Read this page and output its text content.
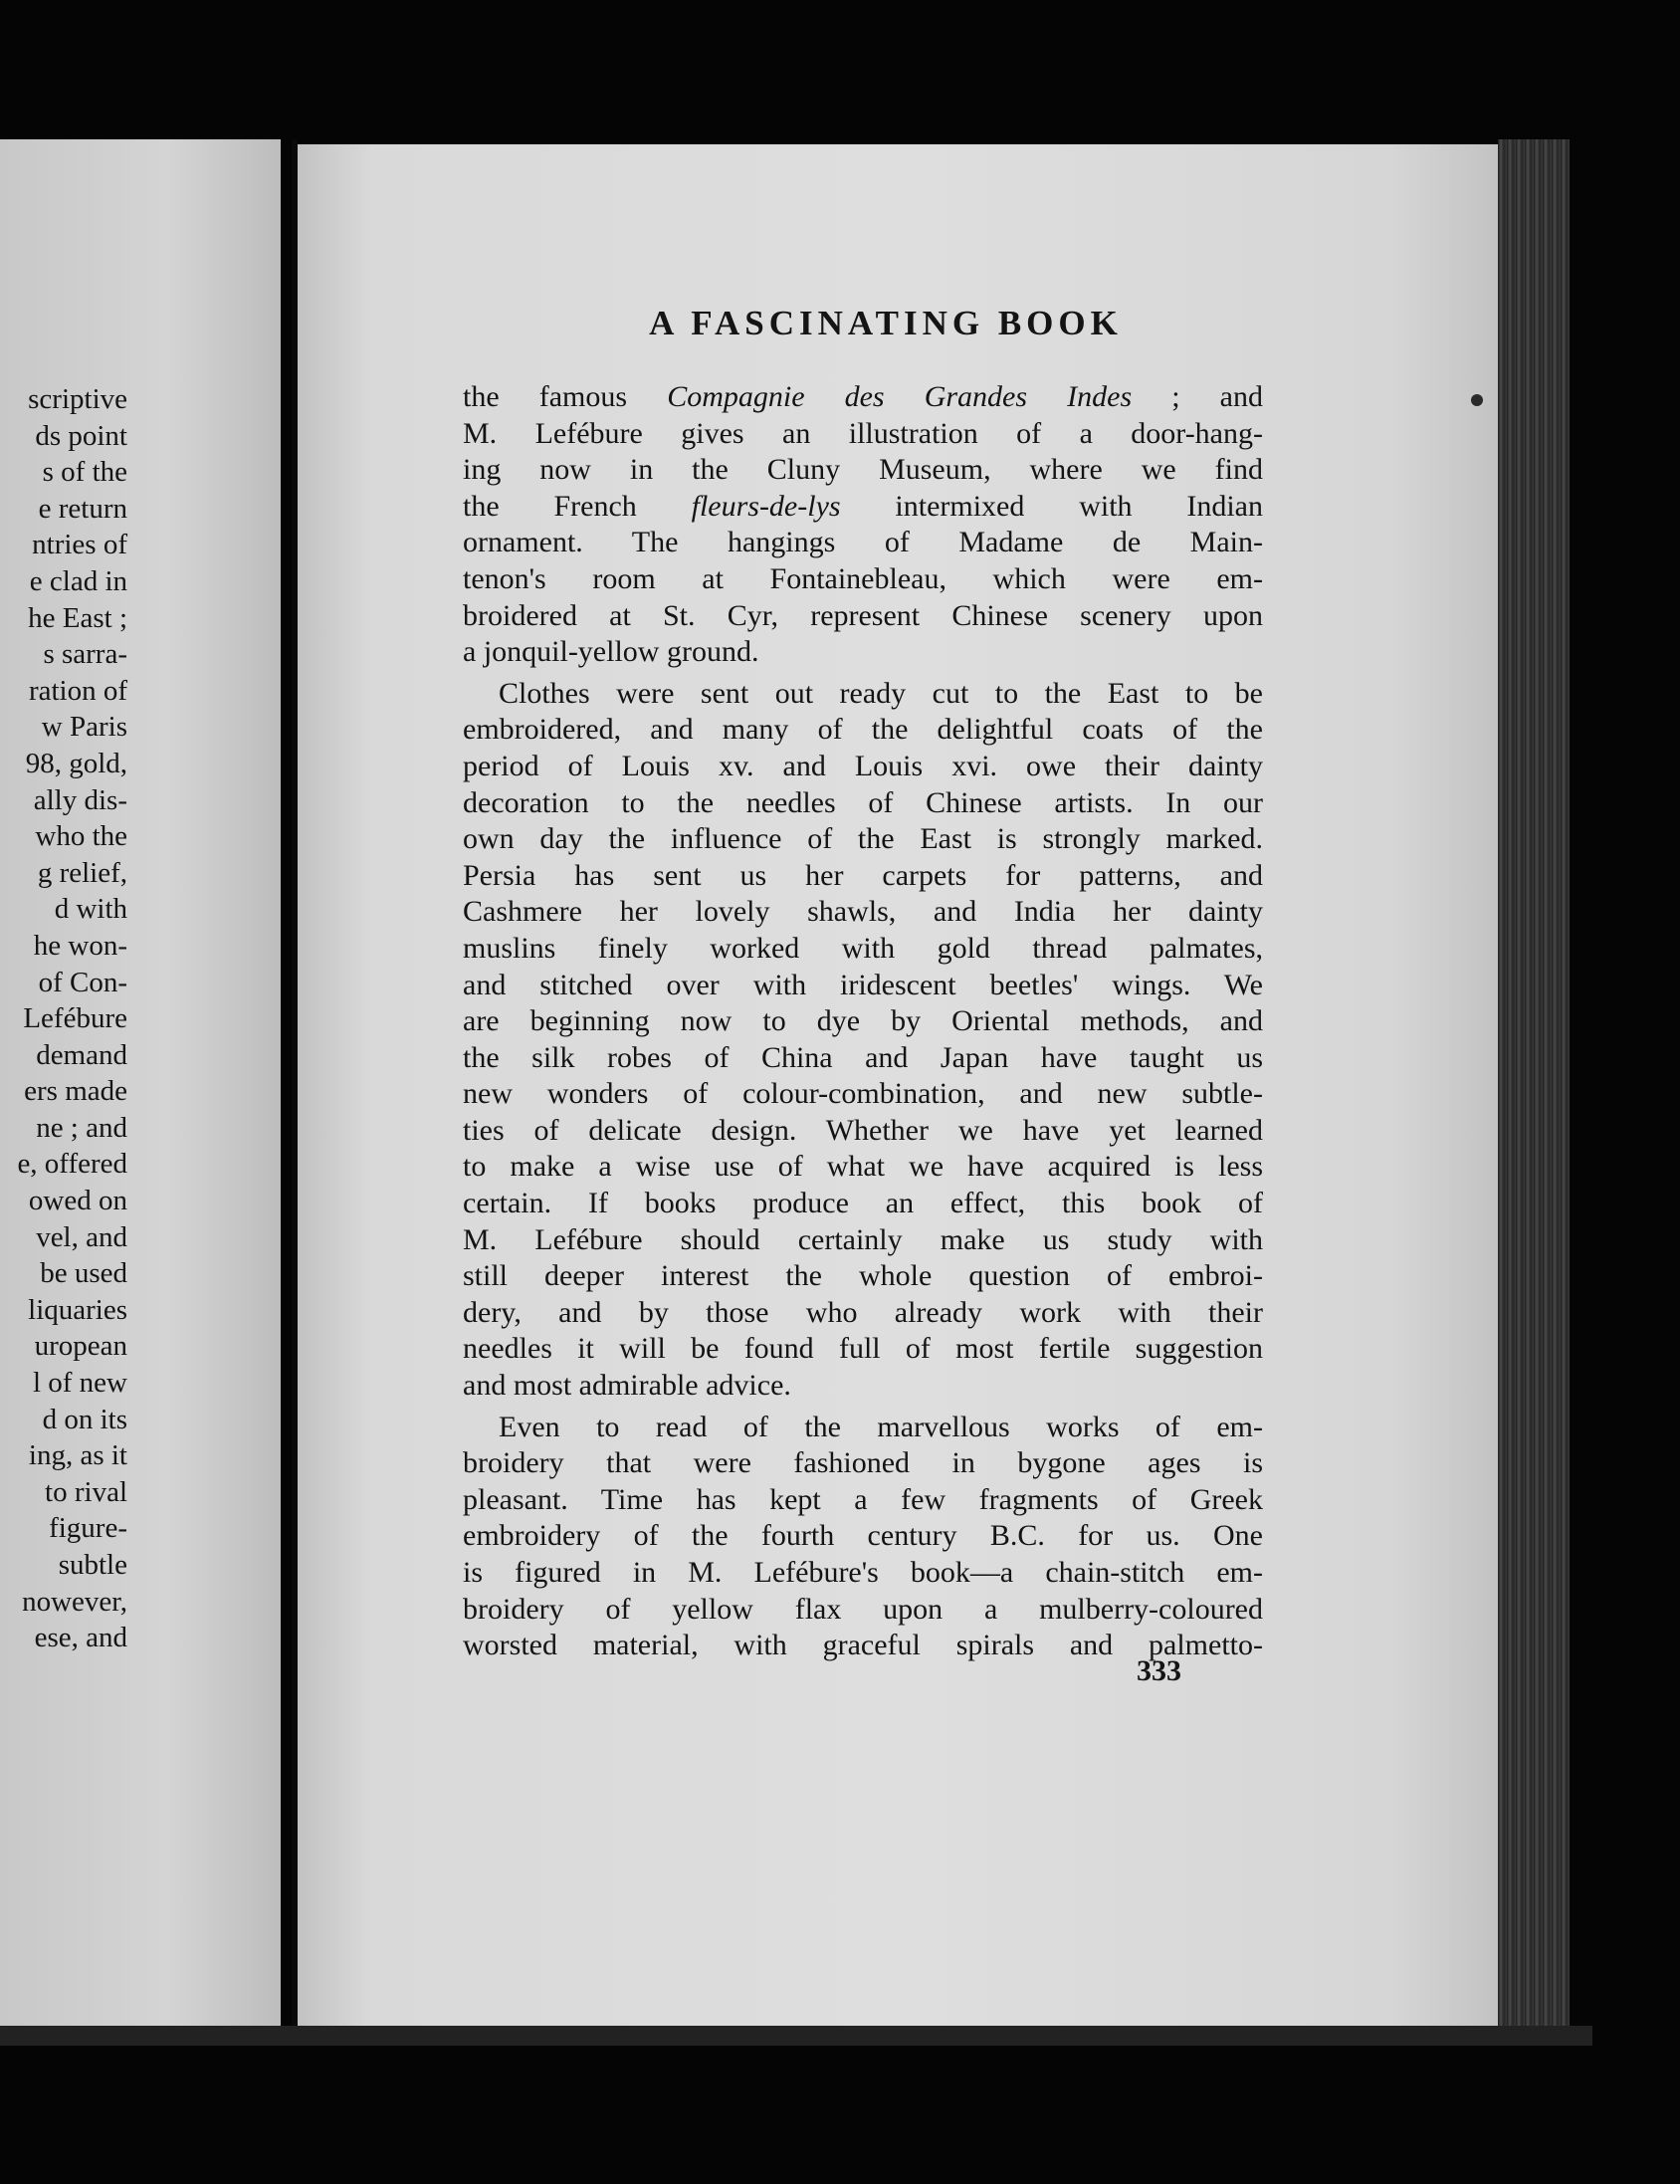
scriptive
ds point
s of the
e return
ntries of
e clad in
he East ;
s sarra-
ration of
w Paris
98, gold,
ally dis-
who the
g relief,
d with
he won-
of Con-
Lefébure
demand
ers made
ne ; and
e, offered
owed on
vel, and
be used
liquaries
uropean
l of new
d on its
ing, as it
to rival
figure-
subtle
nowever,
ese, and
A FASCINATING BOOK
the famous Compagnie des Grandes Indes ; and
M. Lefébure gives an illustration of a door-hang-
ing now in the Cluny Museum, where we find
the French fleurs-de-lys intermixed with Indian
ornament. The hangings of Madame de Main-
tenon's room at Fontainebleau, which were em-
broidered at St. Cyr, represent Chinese scenery upon
a jonquil-yellow ground.
Clothes were sent out ready cut to the East to be
embroidered, and many of the delightful coats of the
period of Louis xv. and Louis xvi. owe their dainty
decoration to the needles of Chinese artists. In our
own day the influence of the East is strongly marked.
Persia has sent us her carpets for patterns, and
Cashmere her lovely shawls, and India her dainty
muslins finely worked with gold thread palmates,
and stitched over with iridescent beetles' wings. We
are beginning now to dye by Oriental methods, and
the silk robes of China and Japan have taught us
new wonders of colour-combination, and new subtle-
ties of delicate design. Whether we have yet learned
to make a wise use of what we have acquired is less
certain. If books produce an effect, this book of
M. Lefébure should certainly make us study with
still deeper interest the whole question of embroi-
dery, and by those who already work with their
needles it will be found full of most fertile suggestion
and most admirable advice.
Even to read of the marvellous works of em-
broidery that were fashioned in bygone ages is
pleasant. Time has kept a few fragments of Greek
embroidery of the fourth century B.C. for us. One
is figured in M. Lefébure's book—a chain-stitch em-
broidery of yellow flax upon a mulberry-coloured
worsted material, with graceful spirals and palmetto-
333
